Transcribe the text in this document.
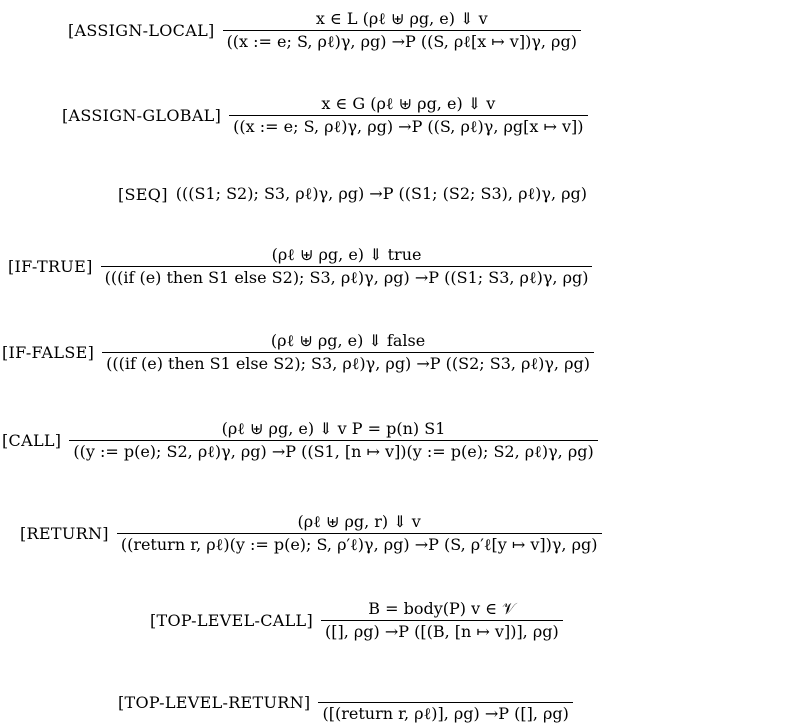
[ASSIGN-LOCAL] $\frac{\text{x ∈ L (ρℓ ⊎ ρg, e) ⇓ v}}{\text{((x := e; S, ρℓ)γ, ρg) →P ((S, ρℓ[x ↦ v])γ, ρg)}}$
[ASSIGN-GLOBAL] $\frac{\text{x ∈ G (ρℓ ⊎ ρg, e) ⇓ v}}{\text{((x := e; S, ρℓ)γ, ρg) →P ((S, ρℓ)γ, ρg[x ↦ v])}}$
[SEQ] (((S1; S2); S3, ρℓ)γ, ρg) →P ((S1; (S2; S3), ρℓ)γ, ρg)
[IF-TRUE]
(ρℓ ⊎ ρg, e) ⇓ true
(((if (e) then S1 else S2); S3, ρℓ)γ, ρg) →P ((S1; S3, ρℓ)γ, ρg)
[IF-FALSE]
(ρℓ ⊎ ρg, e) ⇓ false
(((if (e) then S1 else S2); S3, ρℓ)γ, ρg) →P ((S2; S3, ρℓ)γ, ρg)
[CALL]
(ρℓ ⊎ ρg, e) ⇓ v P = p(n) S1
((y := p(e); S2, ρℓ)γ, ρg) →P ((S1, [n ↦ v])(y := p(e); S2, ρℓ)γ, ρg)
[RETURN]
(ρℓ ⊎ ρg, r) ⇓ v
((return r, ρℓ)(y := p(e); S, ρ′ℓ)γ, ρg) →P (S, ρ′ℓ[y ↦ v])γ, ρg)
[TOP-LEVEL-CALL] $\frac{\text{B = body(P) v ∈ 𝒱}}{([], \rho g) \to P ([(B, [n ↦ v])], \rho g)}$
[TOP-LEVEL-RETURN]
([(return r, ρℓ)], ρg) →P ([], ρg)
